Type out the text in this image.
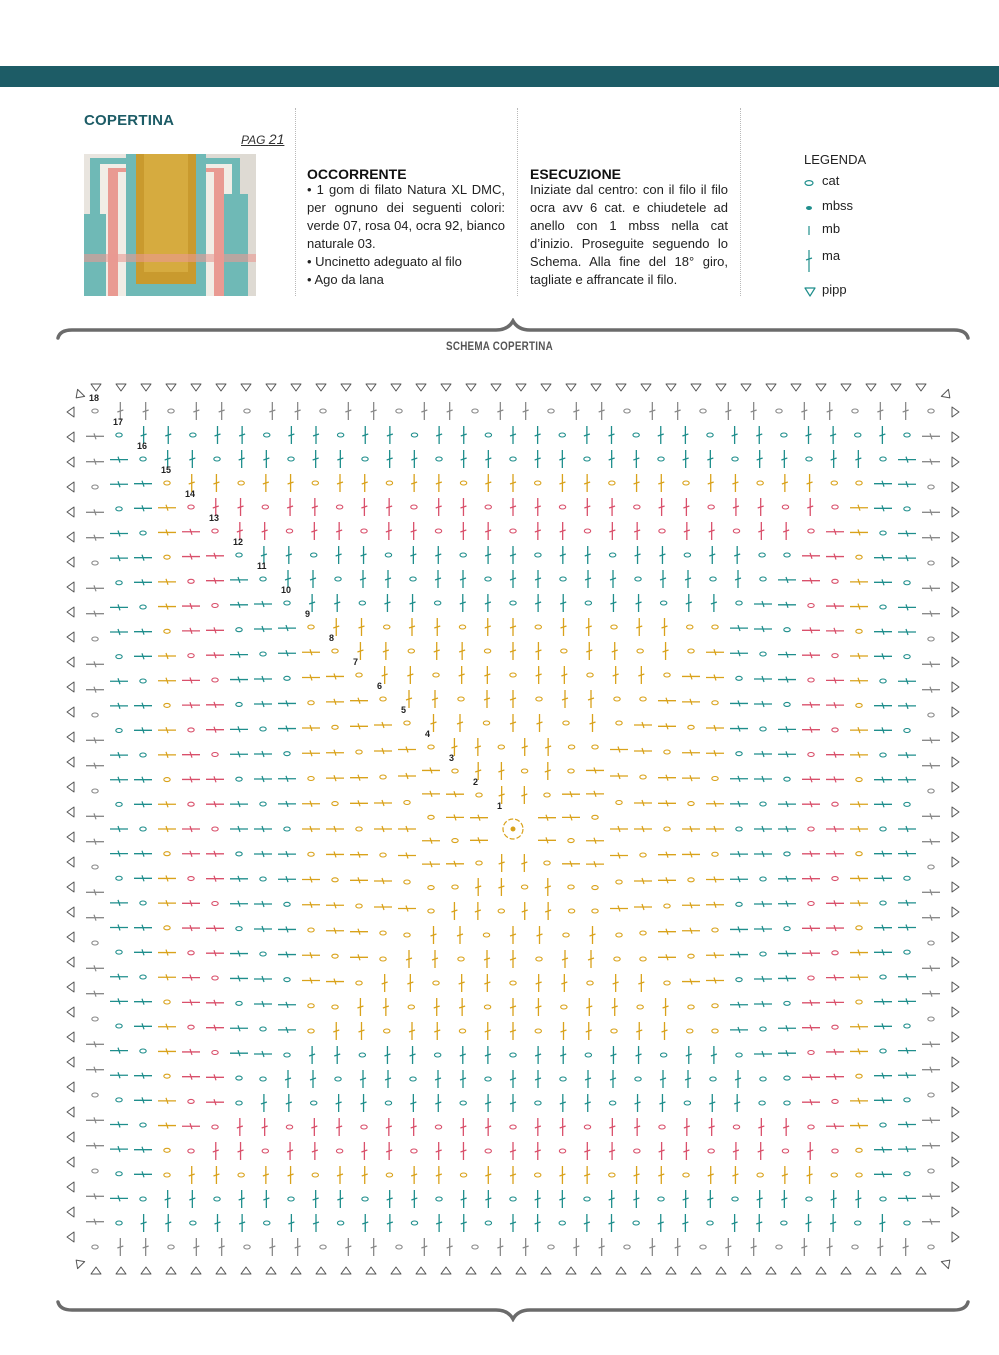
COPERTINA
PAG 21
OCCORRENTE
• 1 gom di filato Natura XL DMC, per ognuno dei seguenti colori: verde 07, rosa 04, ocra 92, bianco naturale 03.
• Uncinetto adeguato al filo
• Ago da lana
ESECUZIONE
Iniziate dal centro: con il filo il filo ocra avv 6 cat. e chiudetele ad anello con 1 mbss nella cat d’inizio. Proseguite seguendo lo Schema. Alla fine del 18° giro, tagliate e affrancate il filo.
LEGENDA
cat
mbss
mb
ma
pipp
SCHEMA COPERTINA
1
2
3
4
5
6
7
8
9
10
11
12
13
14
15
16
17
18
